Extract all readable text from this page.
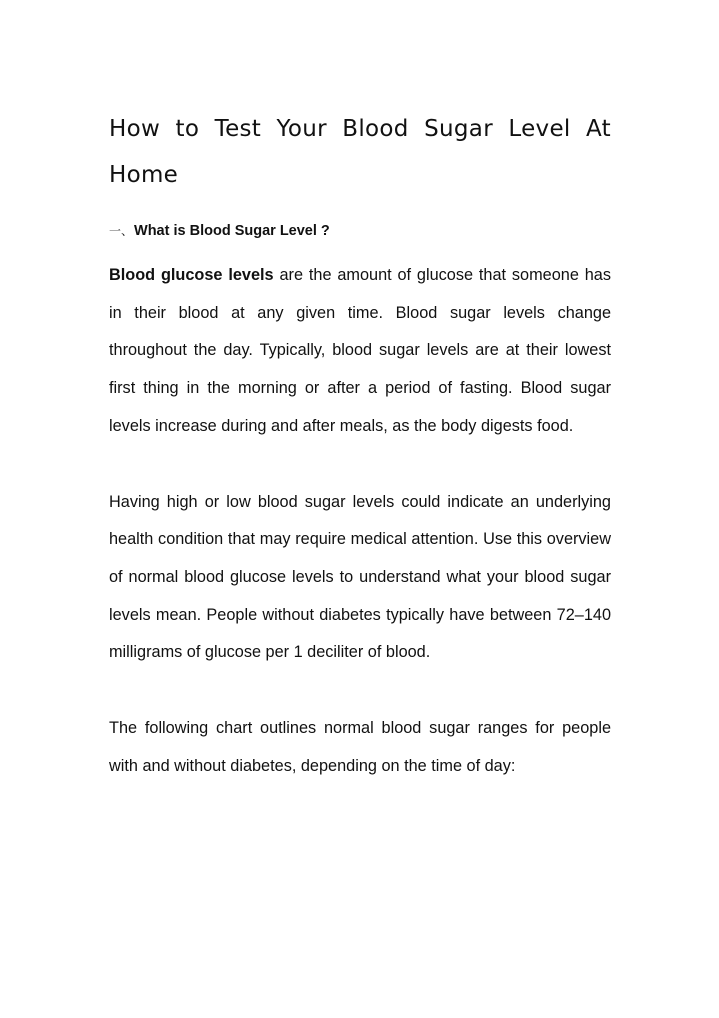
How to Test Your Blood Sugar Level At Home
一、What is Blood Sugar Level ?

Blood glucose levels are the amount of glucose that someone has in their blood at any given time. Blood sugar levels change throughout the day. Typically, blood sugar levels are at their lowest first thing in the morning or after a period of fasting. Blood sugar levels increase during and after meals, as the body digests food.

Having high or low blood sugar levels could indicate an underlying health condition that may require medical attention. Use this overview of normal blood glucose levels to understand what your blood sugar levels mean. People without diabetes typically have between 72–140 milligrams of glucose per 1 deciliter of blood.

The following chart outlines normal blood sugar ranges for people with and without diabetes, depending on the time of day:
